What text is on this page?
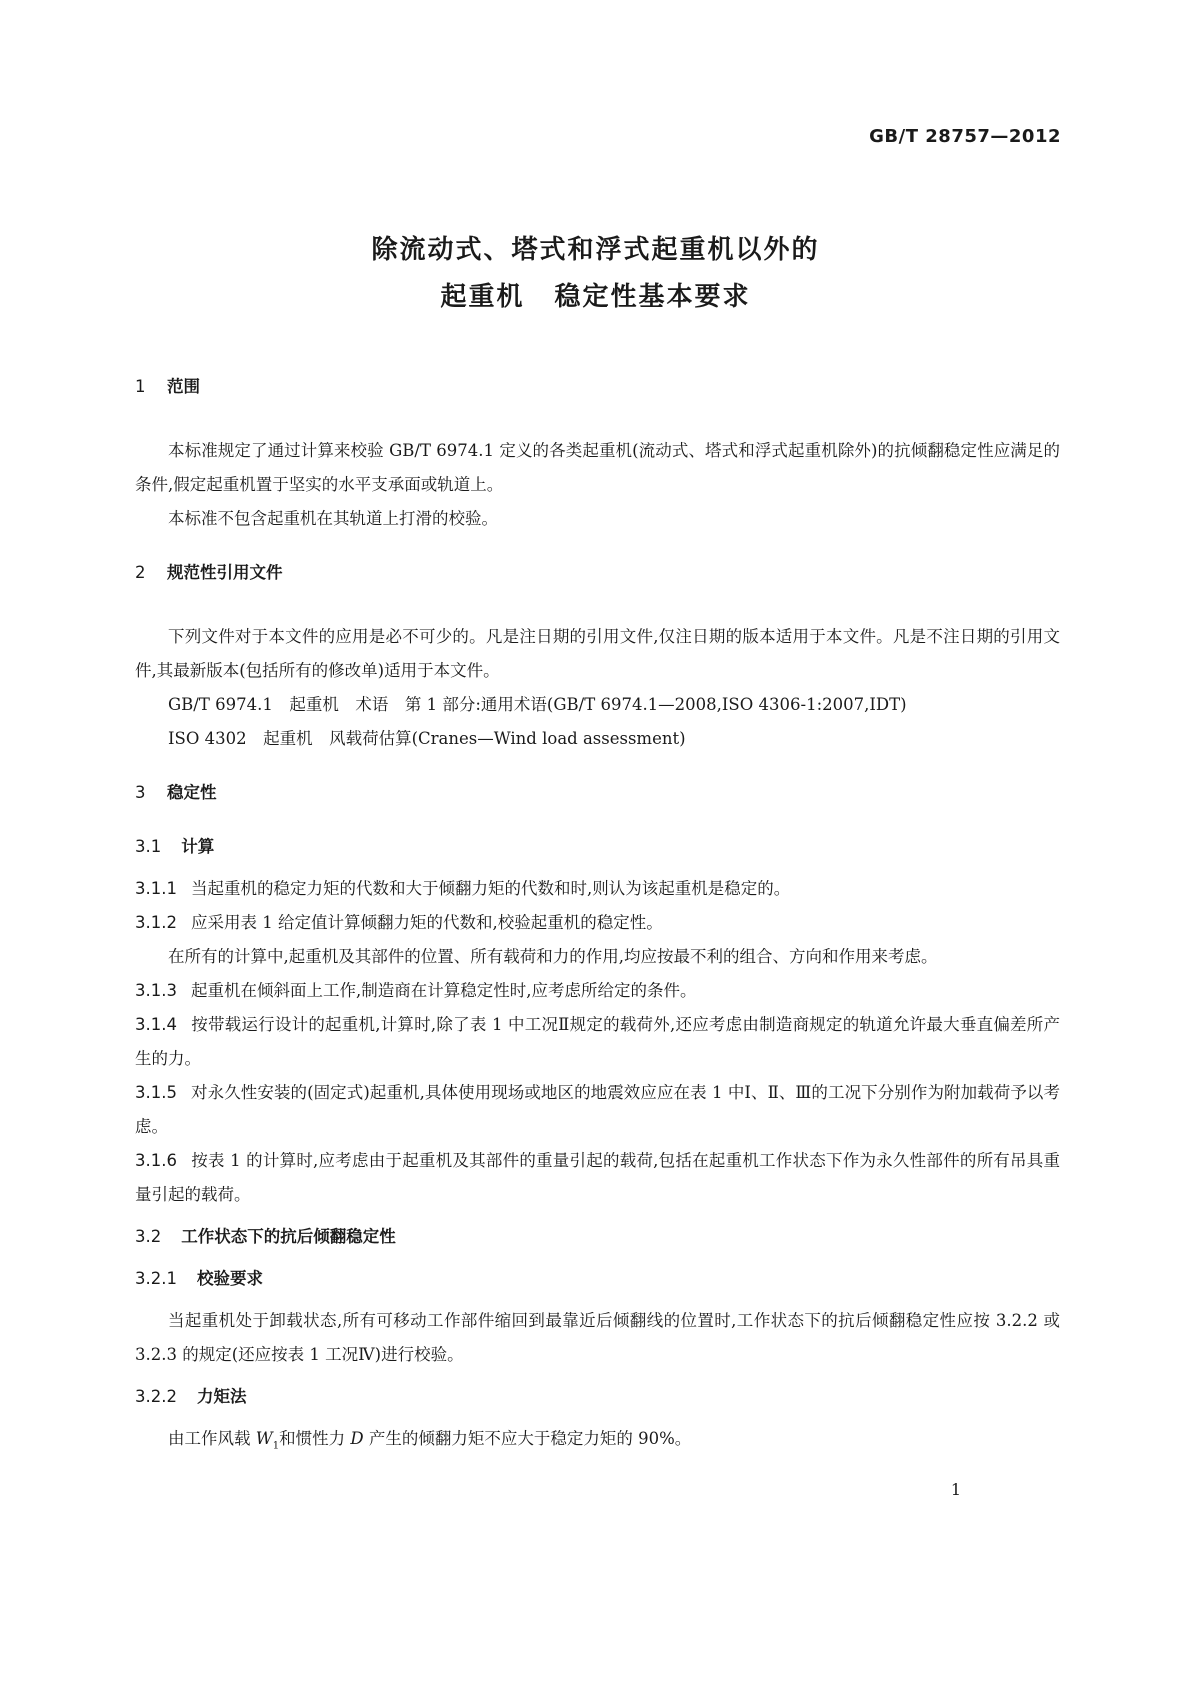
GB/T 28757—2012
除流动式、塔式和浮式起重机以外的
起重机 稳定性基本要求
1 范围

本标准规定了通过计算来校验 GB/T 6974.1 定义的各类起重机(流动式、塔式和浮式起重机除外)的抗倾翻稳定性应满足的条件,假定起重机置于坚实的水平支承面或轨道上。

本标准不包含起重机在其轨道上打滑的校验。

2 规范性引用文件

下列文件对于本文件的应用是必不可少的。凡是注日期的引用文件,仅注日期的版本适用于本文件。凡是不注日期的引用文件,其最新版本(包括所有的修改单)适用于本文件。

GB/T 6974.1　起重机　术语　第 1 部分:通用术语(GB/T 6974.1—2008,ISO 4306-1:2007,IDT)

ISO 4302　起重机　风载荷估算(Cranes—Wind load assessment)

3 稳定性
3.1 计算

3.1.1 当起重机的稳定力矩的代数和大于倾翻力矩的代数和时,则认为该起重机是稳定的。

3.1.2 应采用表 1 给定值计算倾翻力矩的代数和,校验起重机的稳定性。

在所有的计算中,起重机及其部件的位置、所有载荷和力的作用,均应按最不利的组合、方向和作用来考虑。

3.1.3 起重机在倾斜面上工作,制造商在计算稳定性时,应考虑所给定的条件。

3.1.4 按带载运行设计的起重机,计算时,除了表 1 中工况Ⅱ规定的载荷外,还应考虑由制造商规定的轨道允许最大垂直偏差所产生的力。

3.1.5 对永久性安装的(固定式)起重机,具体使用现场或地区的地震效应应在表 1 中Ⅰ、Ⅱ、Ⅲ的工况下分别作为附加载荷予以考虑。

3.1.6 按表 1 的计算时,应考虑由于起重机及其部件的重量引起的载荷,包括在起重机工作状态下作为永久性部件的所有吊具重量引起的载荷。

3.2 工作状态下的抗后倾翻稳定性
3.2.1 校验要求

当起重机处于卸载状态,所有可移动工作部件缩回到最靠近后倾翻线的位置时,工作状态下的抗后倾翻稳定性应按 3.2.2 或 3.2.3 的规定(还应按表 1 工况Ⅳ)进行校验。

3.2.2 力矩法

由工作风载 $W_1$和惯性力 D 产生的倾翻力矩不应大于稳定力矩的 90%。

1
